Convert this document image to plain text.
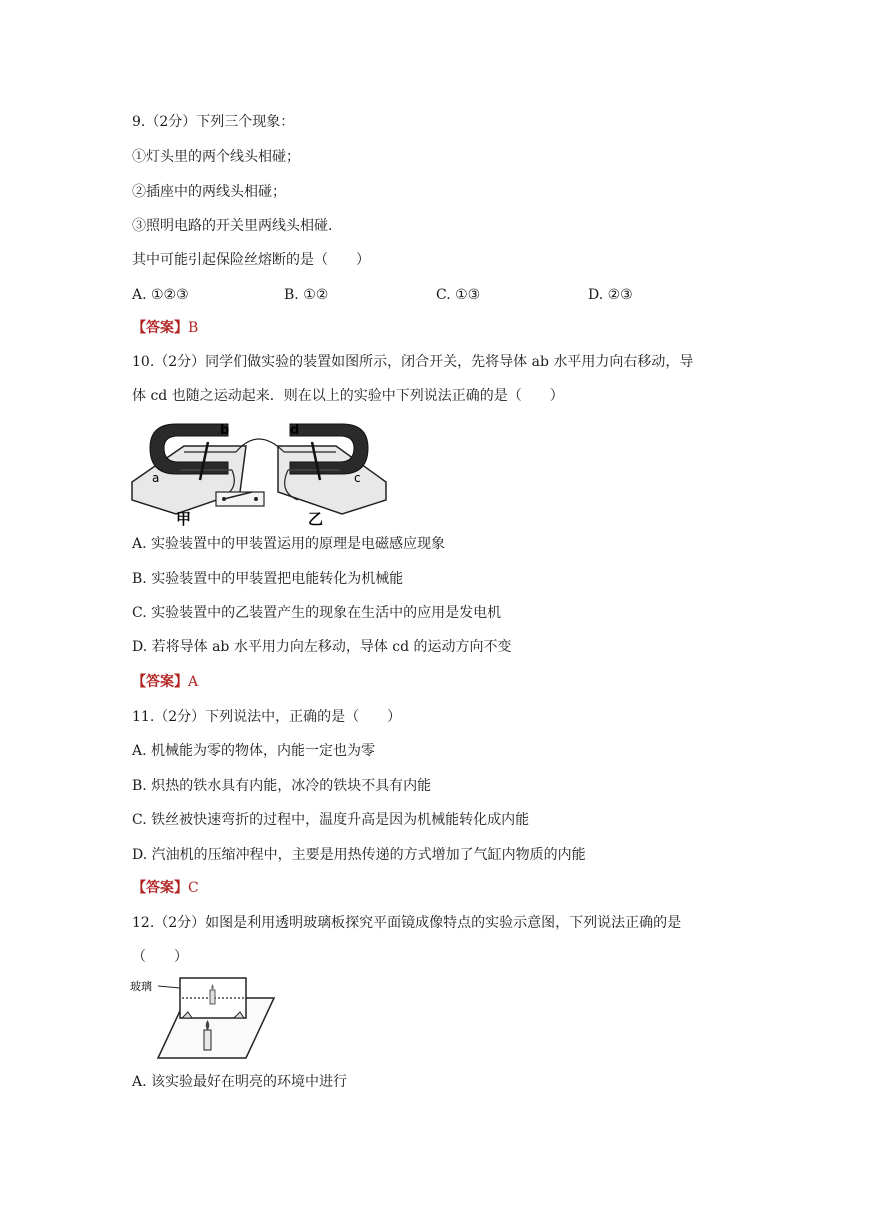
9.（2分）下列三个现象：
①灯头里的两个线头相碰；
②插座中的两线头相碰；
③照明电路的开关里两线头相碰.
其中可能引起保险丝熔断的是（　　）
A. ①②③	B. ①②	C. ①③	D. ②③
【答案】B
10.（2分）同学们做实验的装置如图所示，闭合开关，先将导体 ab 水平用力向右移动，导
体 cd 也随之运动起来．则在以上的实验中下列说法正确的是（　　）
b	d
a	c
甲	乙
A. 实验装置中的甲装置运用的原理是电磁感应现象
B. 实验装置中的甲装置把电能转化为机械能
C. 实验装置中的乙装置产生的现象在生活中的应用是发电机
D. 若将导体 ab 水平用力向左移动，导体 cd 的运动方向不变
【答案】A
11.（2分）下列说法中，正确的是（　　）
A. 机械能为零的物体，内能一定也为零
B. 炽热的铁水具有内能，冰冷的铁块不具有内能
C. 铁丝被快速弯折的过程中，温度升高是因为机械能转化成内能
D. 汽油机的压缩冲程中，主要是用热传递的方式增加了气缸内物质的内能
【答案】C
12.（2分）如图是利用透明玻璃板探究平面镜成像特点的实验示意图，下列说法正确的是
（　　）
玻璃
A. 该实验最好在明亮的环境中进行
